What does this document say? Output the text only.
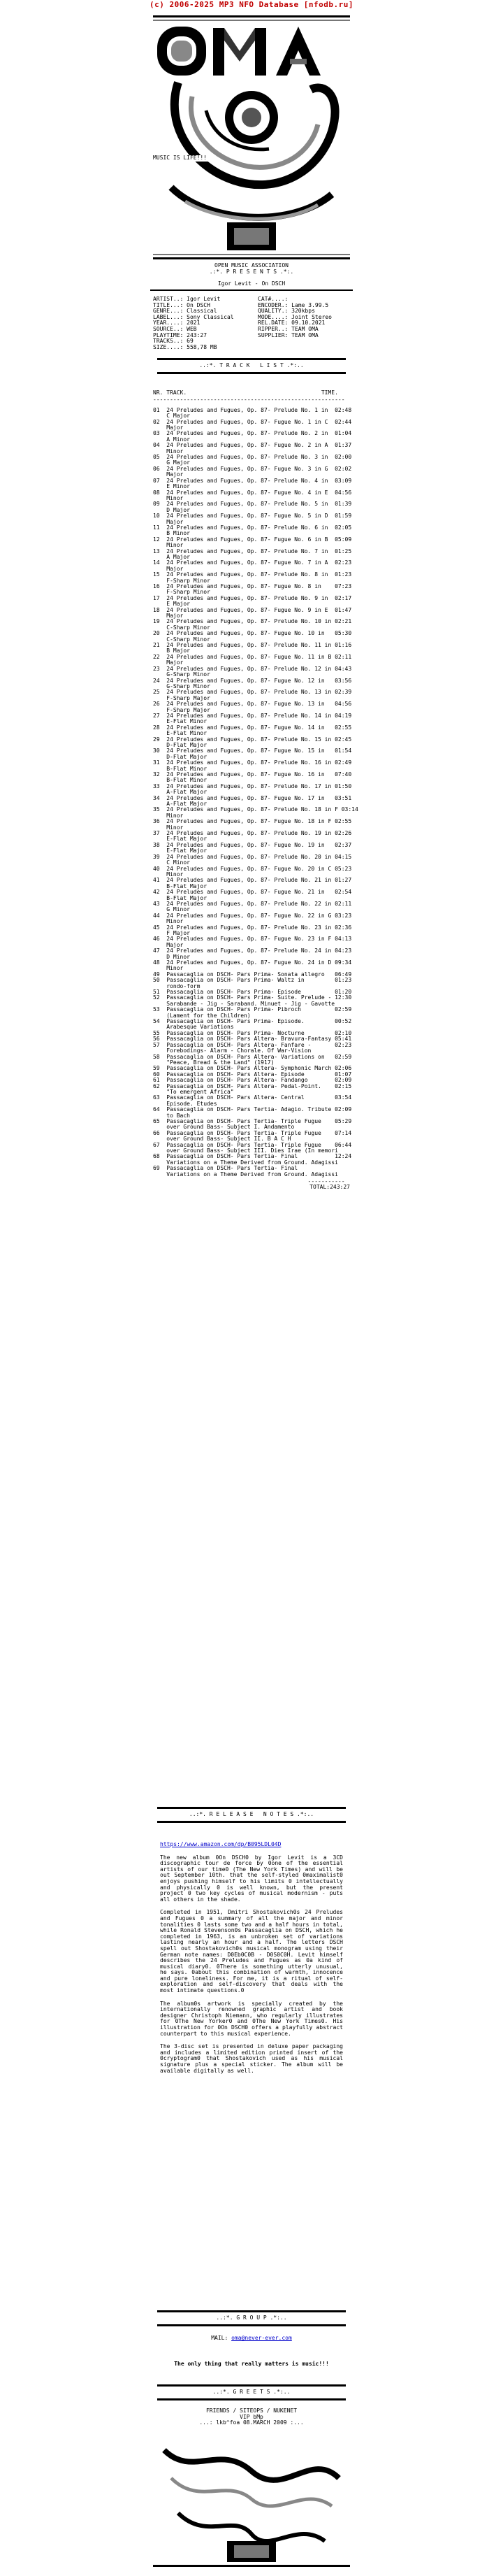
(c) 2006-2025 MP3 NFO Database [nfodb.ru]
MUSIC IS LIFE!!!
OPEN MUSIC ASSOCIATION
.:*. P R E S E N T S .*:.
Igor Levit - On DSCH
ARTIST..: Igor Levit
TITLE...: On DSCH
GENRE...: Classical
LABEL...: Sony Classical
YEAR....: 2021
SOURCE..: WEB
PLAYTIME: 243:27
TRACKS..: 69
SIZE....: 558,78 MB
CAT#....:
ENCODER.: Lame 3.99.5
QUALITY.: 320kbps
MODE....: Joint Stereo
REL.DATE: 09.10.2021
RIPPER..: TEAM OMA
SUPPLIER: TEAM OMA
..:*. T R A C K   L I S T .*:..
NR. TRACK.                                        TIME.
---------------------------------------------------------
01  24 Preludes and Fugues, Op. 87- Prelude No. 1 in  02:48
C Major
02  24 Preludes and Fugues, Op. 87- Fugue No. 1 in C  02:44
Major
03  24 Preludes and Fugues, Op. 87- Prelude No. 2 in  01:04
A Minor
04  24 Preludes and Fugues, Op. 87- Fugue No. 2 in A  01:37
Minor
05  24 Preludes and Fugues, Op. 87- Prelude No. 3 in  02:00
G Major
06  24 Preludes and Fugues, Op. 87- Fugue No. 3 in G  02:02
Major
07  24 Preludes and Fugues, Op. 87- Prelude No. 4 in  03:09
E Minor
08  24 Preludes and Fugues, Op. 87- Fugue No. 4 in E  04:56
Minor
09  24 Preludes and Fugues, Op. 87- Prelude No. 5 in  01:39
D Major
10  24 Preludes and Fugues, Op. 87- Fugue No. 5 in D  01:59
Major
11  24 Preludes and Fugues, Op. 87- Prelude No. 6 in  02:05
B Minor
12  24 Preludes and Fugues, Op. 87- Fugue No. 6 in B  05:09
Minor
13  24 Preludes and Fugues, Op. 87- Prelude No. 7 in  01:25
A Major
14  24 Preludes and Fugues, Op. 87- Fugue No. 7 in A  02:23
Major
15  24 Preludes and Fugues, Op. 87- Prelude No. 8 in  01:23
F-Sharp Minor
16  24 Preludes and Fugues, Op. 87- Fugue No. 8 in    07:23
F-Sharp Minor
17  24 Preludes and Fugues, Op. 87- Prelude No. 9 in  02:17
E Major
18  24 Preludes and Fugues, Op. 87- Fugue No. 9 in E  01:47
Major
19  24 Preludes and Fugues, Op. 87- Prelude No. 10 in 02:21
C-Sharp Minor
20  24 Preludes and Fugues, Op. 87- Fugue No. 10 in   05:30
C-Sharp Minor
21  24 Preludes and Fugues, Op. 87- Prelude No. 11 in 01:16
B Major
22  24 Preludes and Fugues, Op. 87- Fugue No. 11 in B 02:11
Major
23  24 Preludes and Fugues, Op. 87- Prelude No. 12 in 04:43
G-Sharp Minor
24  24 Preludes and Fugues, Op. 87- Fugue No. 12 in   03:56
G-Sharp Minor
25  24 Preludes and Fugues, Op. 87- Prelude No. 13 in 02:39
F-Sharp Major
26  24 Preludes and Fugues, Op. 87- Fugue No. 13 in   04:56
F-Sharp Major
27  24 Preludes and Fugues, Op. 87- Prelude No. 14 in 04:19
E-Flat Minor
28  24 Preludes and Fugues, Op. 87- Fugue No. 14 in   02:55
E-Flat Minor
29  24 Preludes and Fugues, Op. 87- Prelude No. 15 in 02:45
D-Flat Major
30  24 Preludes and Fugues, Op. 87- Fugue No. 15 in   01:54
D-Flat Major
31  24 Preludes and Fugues, Op. 87- Prelude No. 16 in 02:49
B-Flat Minor
32  24 Preludes and Fugues, Op. 87- Fugue No. 16 in   07:40
B-Flat Minor
33  24 Preludes and Fugues, Op. 87- Prelude No. 17 in 01:50
A-Flat Major
34  24 Preludes and Fugues, Op. 87- Fugue No. 17 in   03:51
A-Flat Major
35  24 Preludes and Fugues, Op. 87- Prelude No. 18 in F 03:14
Minor
36  24 Preludes and Fugues, Op. 87- Fugue No. 18 in F 02:55
Minor
37  24 Preludes and Fugues, Op. 87- Prelude No. 19 in 02:26
E-Flat Major
38  24 Preludes and Fugues, Op. 87- Fugue No. 19 in   02:37
E-Flat Major
39  24 Preludes and Fugues, Op. 87- Prelude No. 20 in 04:15
C Minor
40  24 Preludes and Fugues, Op. 87- Fugue No. 20 in C 05:23
Minor
41  24 Preludes and Fugues, Op. 87- Prelude No. 21 in 01:27
B-Flat Major
42  24 Preludes and Fugues, Op. 87- Fugue No. 21 in   02:54
B-Flat Major
43  24 Preludes and Fugues, Op. 87- Prelude No. 22 in 02:11
G Minor
44  24 Preludes and Fugues, Op. 87- Fugue No. 22 in G 03:23
Minor
45  24 Preludes and Fugues, Op. 87- Prelude No. 23 in 02:36
F Major
46  24 Preludes and Fugues, Op. 87- Fugue No. 23 in F 04:13
Major
47  24 Preludes and Fugues, Op. 87- Prelude No. 24 in 04:23
D Minor
48  24 Preludes and Fugues, Op. 87- Fugue No. 24 in D 09:34
Minor
49  Passacaglia on DSCH- Pars Prima- Sonata allegro   06:49
50  Passacaglia on DSCH- Pars Prima- Waltz in         01:23
rondo-form
51  Passacaglia on DSCH- Pars Prima- Episode          01:20
52  Passacaglia on DSCH- Pars Prima- Suite. Prelude - 12:30
Sarabande - Jig - Saraband. Minuet - Jig - Gavotte
53  Passacaglia on DSCH- Pars Prima- Pibroch          02:59
(Lament for the Children)
54  Passacaglia on DSCH- Pars Prima- Episode.         00:52
Arabesque Variations
55  Passacaglia on DSCH- Pars Prima- Nocturne         02:10
56  Passacaglia on DSCH- Pars Altera- Bravura-Fantasy 05:41
57  Passacaglia on DSCH- Pars Altera- Fanfare -       02:23
Forebodings- Alarm - Chorale. Of War-Vision
58  Passacaglia on DSCH- Pars Altera- Variations on   02:59
"Peace, Bread & the Land" (1917)
59  Passacaglia on DSCH- Pars Altera- Symphonic March 02:06
60  Passacaglia on DSCH- Pars Altera- Episode         01:07
61  Passacaglia on DSCH- Pars Altera- Fandango        02:09
62  Passacaglia on DSCH- Pars Altera- Pedal-Point.    02:15
"To emergent Africa"
63  Passacaglia on DSCH- Pars Altera- Central         03:54
Episode. Etudes
64  Passacaglia on DSCH- Pars Tertia- Adagio. Tribute 02:09
to Bach
65  Passacaglia on DSCH- Pars Tertia- Triple Fugue    05:29
over Ground Bass- Subject I. Andamento
66  Passacaglia on DSCH- Pars Tertia- Triple Fugue    07:14
over Ground Bass- Subject II. B A C H
67  Passacaglia on DSCH- Pars Tertia- Triple Fugue    06:44
over Ground Bass- Subject III. Dies Irae (In memori
68  Passacaglia on DSCH- Pars Tertia- Final           12:24
Variations on a Theme Derived from Ground. Adagissi
69  Passacaglia on DSCH- Pars Tertia- Final
Variations on a Theme Derived from Ground. Adagissi
-----------
TOTAL:243:27
..:*. R E L E A S E   N O T E S .*:..
https://www.amazon.com/dp/B095LDL04D
The new album 0On DSCH0 by Igor Levit is a 3CD discographic tour de force by 0one of the essential artists of our time0 (The New York Times) and will be out September 10th. that the self-styled 0maximalist0 enjoys pushing himself to his limits 0 intellectually and physically 0 is well known, but the present project 0 two key cycles of musical modernism - puts all others in the shade.
Completed in 1951, Dmitri Shostakovich0s 24 Preludes and Fugues 0 a summary of all the major and minor tonalities 0 lasts some two and a half hours in total, while Ronald Stevenson0s Passacaglia on DSCH, which he completed in 1963, is an unbroken set of variations lasting nearly an hour and a half. The letters DSCH spell out Shostakovich0s musical monogram using their German note names: D0Eb0C0B - D0S0C0H. Levit himself describes the 24 Preludes and Fugues as 0a kind of musical diary0. 0There is something utterly unusual, he says. 0about this combination of warmth, innocence and pure loneliness. For me, it is a ritual of self-exploration and self-discovery that deals with the most intimate questions.0
The album0s artwork is specially created by the internationally renowned graphic artist and book designer Christoph Niemann, who regularly illustrates for 0The New Yorker0 and 0The New York Times0. His illustration for 0On DSCH0 offers a playfully abstract counterpart to this musical experience.
The 3-disc set is presented in deluxe paper packaging and includes a limited edition printed insert of the 0cryptogram0 that Shostakovich used as his musical signature plus a special sticker. The album will be available digitally as well.
..:*. G R O U P .*:..
MAIL: oma@never-ever.com
The only thing that really matters is music!!!
..:*. G R E E T S .*:..
FRIENDS / SITEOPS / NUKENET
VIP bMp
...: lkb^foa 08.MARCH 2009 :...
